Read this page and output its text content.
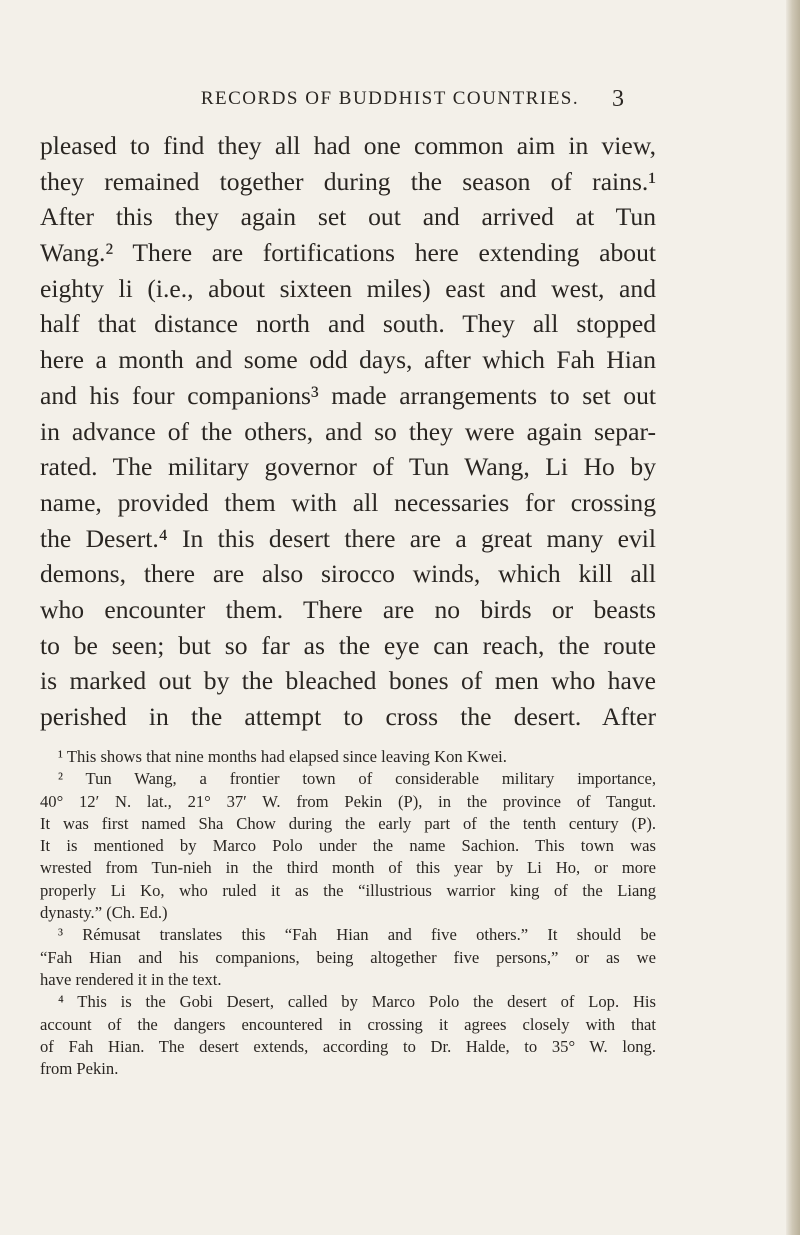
RECORDS OF BUDDHIST COUNTRIES.	3
pleased to find they all had one common aim in view,
they remained together during the season of rains.¹
After this they again set out and arrived at Tun
Wang.² There are fortifications here extending about
eighty li (i.e., about sixteen miles) east and west, and
half that distance north and south. They all stopped
here a month and some odd days, after which Fah Hian
and his four companions³ made arrangements to set out
in advance of the others, and so they were again separ-
rated. The military governor of Tun Wang, Li Ho by
name, provided them with all necessaries for crossing
the Desert.⁴ In this desert there are a great many evil
demons, there are also sirocco winds, which kill all
who encounter them. There are no birds or beasts
to be seen; but so far as the eye can reach, the route
is marked out by the bleached bones of men who have
perished in the attempt to cross the desert. After
¹ This shows that nine months had elapsed since leaving Kon Kwei.
² Tun Wang, a frontier town of considerable military importance,
40° 12′ N. lat., 21° 37′ W. from Pekin (P), in the province of Tangut.
It was first named Sha Chow during the early part of the tenth century (P).
It is mentioned by Marco Polo under the name Sachion. This town was
wrested from Tun-nieh in the third month of this year by Li Ho, or more
properly Li Ko, who ruled it as the “illustrious warrior king of the Liang
dynasty.” (Ch. Ed.)
³ Rémusat translates this “Fah Hian and five others.” It should be
“Fah Hian and his companions, being altogether five persons,” or as we
have rendered it in the text.
⁴ This is the Gobi Desert, called by Marco Polo the desert of Lop. His
account of the dangers encountered in crossing it agrees closely with that
of Fah Hian. The desert extends, according to Dr. Halde, to 35° W. long.
from Pekin.
